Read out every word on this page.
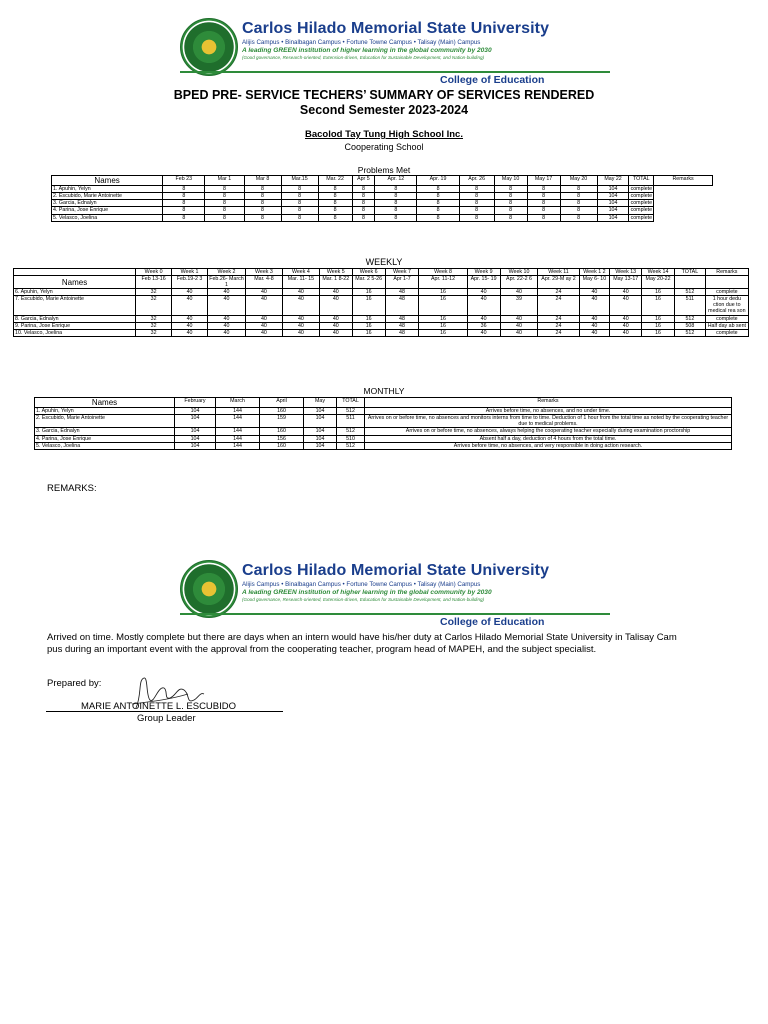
Carlos Hilado Memorial State University
Alijis Campus • Binalbagan Campus • Fortune Towne Campus • Talisay (Main) Campus
A leading GREEN institution of higher learning in the global community by 2030
(Good governance, Research-oriented, Extension-driven, Education for Sustainable Development, and Nation-building)
College of Education
BPED PRE- SERVICE TECHERS’ SUMMARY OF SERVICES RENDERED
Second Semester 2023-2024
Bacolod Tay Tung High School Inc.
Cooperating School
Problems Met
Names	Feb 23	Mar 1	Mar 8	Mar.15	Mar. 22	Apr 5	Apr. 12	Apr. 19	Apr. 26	May 10	May 17	May 20	May 22	TOTAL	Remarks
1. Apuhin, Yelyn	8	8	8	8	8	8	8	8	8	8	8	8	104	complete	
2. Escubido, Marie Antoinette	8	8	8	8	8	8	8	8	8	8	8	8	104	complete	
3. Garcia, Ednalyn	8	8	8	8	8	8	8	8	8	8	8	8	104	complete	
4. Parina, Jose Enrique	8	8	8	8	8	8	8	8	8	8	8	8	104	complete	
5. Velasco, Joelina	8	8	8	8	8	8	8	8	8	8	8	8	104	complete	
WEEKLY
	Week 0	Week 1	Week 2	Week 3	Week 4	Week 5	Week 6	Week 7	Week 8	Week 9	Week 10	Week 11	Week 1 2	Week 13	Week 14	TOTAL	Remarks
Names	Feb 13-16	Feb.19-2 3	Feb.26- March 1	Mar. 4-8	Mar. 11- 15	Mar. 1 8-22	Mar. 2 5-26	Apr 1-7	Apr. 11-12	Apr. 15- 19	Apr. 22-2 6	Apr. 29-M ay 2	May 6- 10	May 13-17	May 20-22		
6. Apuhin, Yelyn	32	40	40	40	40	40	16	48	16	40	40	24	40	40	16	512	complete
7. Escubido, Marie Antoinette	32	40	40	40	40	40	16	48	16	40	39	24	40	40	16	511	1 hour dedu ction due to medical rea son
8. Garcia, Ednalyn	32	40	40	40	40	40	16	48	16	40	40	24	40	40	16	512	complete
9. Parina, Jose Enrique	32	40	40	40	40	40	16	48	16	36	40	24	40	40	16	508	Half day ab sent
10. Velasco, Joelina	32	40	40	40	40	40	16	48	16	40	40	24	40	40	16	512	complete
MONTHLY
Names	February	March	April	May	TOTAL	Remarks
1. Apuhin, Yelyn	104	144	160	104	512	Arrives before time, no absences, and no under time.
2. Escubido, Marie Antoinette	104	144	159	104	511	Arrives on or before time, no absences and monitors interns from time to time. Deduction of 1 hour from the total time as noted by the cooperating teacher due to medical problems.
3. Garcia, Ednalyn	104	144	160	104	512	Arrives on or before time, no absences, always helping the cooperating teacher especially during examination proctorship
4. Parina, Jose Enrique	104	144	156	104	510	Absent half a day, deduction of 4 hours from the total time.
5. Velasco, Joelina	104	144	160	104	512	Arrives before time, no absences, and very responsible in doing action research.
REMARKS:
Carlos Hilado Memorial State University
Alijis Campus • Binalbagan Campus • Fortune Towne Campus • Talisay (Main) Campus
A leading GREEN institution of higher learning in the global community by 2030
(Good governance, Research-oriented, Extension-driven, Education for Sustainable Development, and Nation-building)
College of Education
Arrived on time. Mostly complete but there are days when an intern would have his/her duty at Carlos Hilado Memorial State University in Talisay Cam
pus during an important event with the approval from the cooperating teacher, program head of MAPEH, and the subject specialist.
Prepared by:
MARIE ANTOINETTE L. ESCUBIDO
Group Leader
